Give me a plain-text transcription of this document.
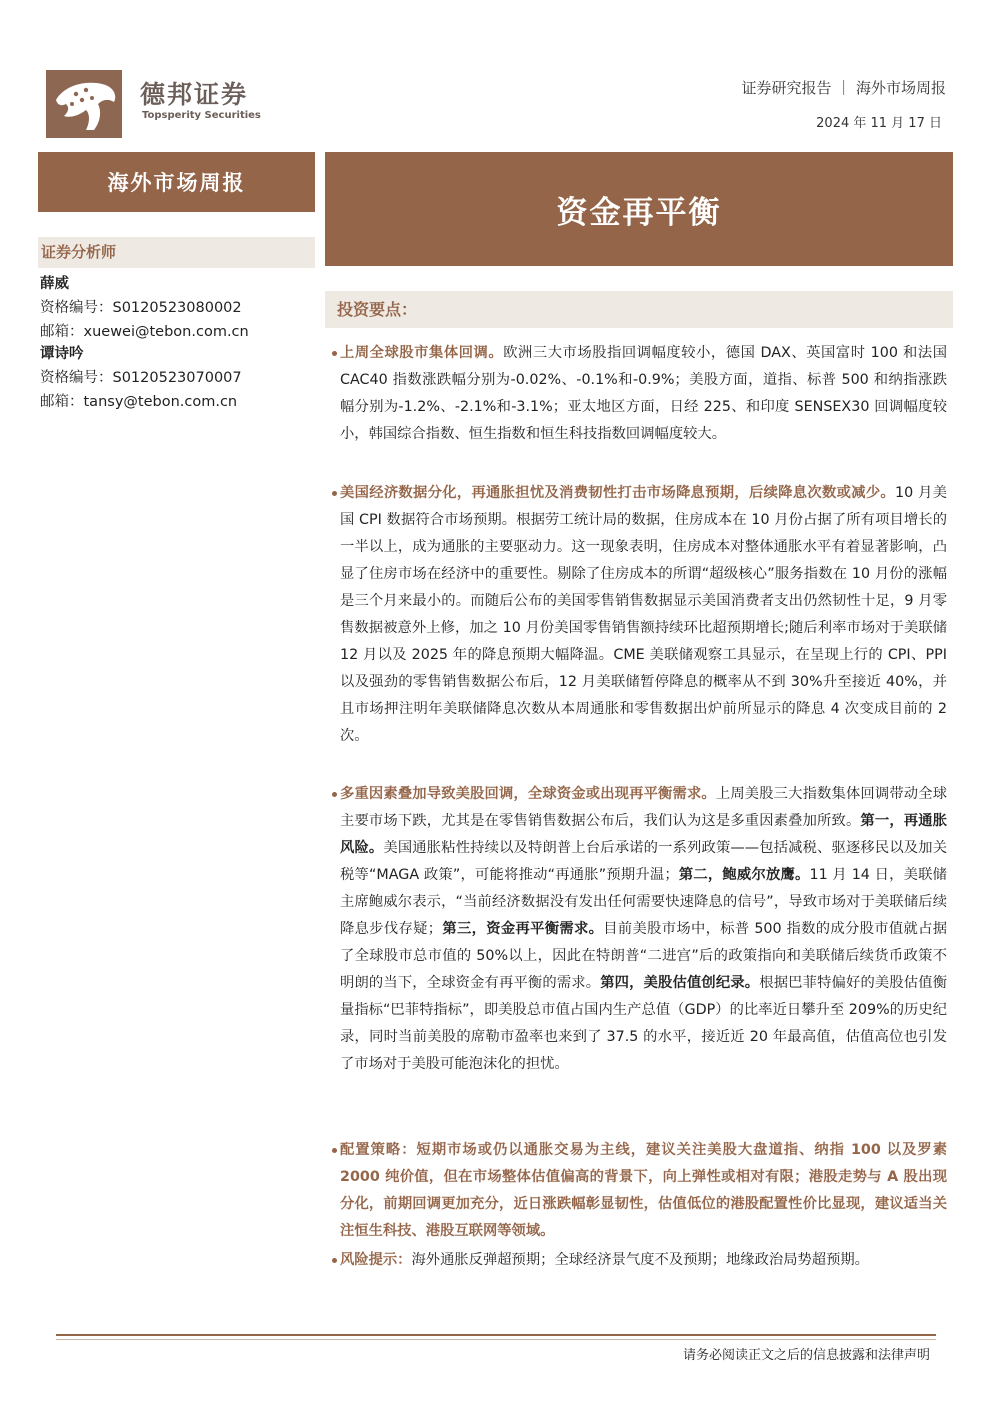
德邦证券
Topsperity Securities
证券研究报告 ｜ 海外市场周报
2024 年 11 月 17 日
海外市场周报
资金再平衡
证券分析师
薛威
资格编号：S0120523080002
邮箱：xuewei@tebon.com.cn
谭诗吟
资格编号：S0120523070007
邮箱：tansy@tebon.com.cn
投资要点：
上周全球股市集体回调。欧洲三大市场股指回调幅度较小，德国 DAX、英国富时 100 和法国 CAC40 指数涨跌幅分别为-0.02%、-0.1%和-0.9%；美股方面，道指、标普 500 和纳指涨跌幅分别为-1.2%、-2.1%和-3.1%；亚太地区方面，日经 225、和印度 SENSEX30 回调幅度较小，韩国综合指数、恒生指数和恒生科技指数回调幅度较大。
美国经济数据分化，再通胀担忧及消费韧性打击市场降息预期，后续降息次数或减少。10 月美国 CPI 数据符合市场预期。根据劳工统计局的数据，住房成本在 10 月份占据了所有项目增长的一半以上，成为通胀的主要驱动力。这一现象表明，住房成本对整体通胀水平有着显著影响，凸显了住房市场在经济中的重要性。剔除了住房成本的所谓“超级核心”服务指数在 10 月份的涨幅是三个月来最小的。而随后公布的美国零售销售数据显示美国消费者支出仍然韧性十足，9 月零售数据被意外上修，加之 10 月份美国零售销售额持续环比超预期增长;随后利率市场对于美联储 12 月以及 2025 年的降息预期大幅降温。CME 美联储观察工具显示，在呈现上行的 CPI、PPI 以及强劲的零售销售数据公布后，12 月美联储暂停降息的概率从不到 30%升至接近 40%，并且市场押注明年美联储降息次数从本周通胀和零售数据出炉前所显示的降息 4 次变成目前的 2 次。
多重因素叠加导致美股回调，全球资金或出现再平衡需求。上周美股三大指数集体回调带动全球主要市场下跌，尤其是在零售销售数据公布后，我们认为这是多重因素叠加所致。第一，再通胀风险。美国通胀粘性持续以及特朗普上台后承诺的一系列政策——包括减税、驱逐移民以及加关税等“MAGA 政策”，可能将推动“再通胀”预期升温；第二，鲍威尔放鹰。11 月 14 日，美联储主席鲍威尔表示，“当前经济数据没有发出任何需要快速降息的信号”，导致市场对于美联储后续降息步伐存疑；第三，资金再平衡需求。目前美股市场中，标普 500 指数的成分股市值就占据了全球股市总市值的 50%以上，因此在特朗普“二进宫”后的政策指向和美联储后续货币政策不明朗的当下，全球资金有再平衡的需求。第四，美股估值创纪录。根据巴菲特偏好的美股估值衡量指标“巴菲特指标”，即美股总市值占国内生产总值（GDP）的比率近日攀升至 209%的历史纪录，同时当前美股的席勒市盈率也来到了 37.5 的水平，接近近 20 年最高值，估值高位也引发了市场对于美股可能泡沫化的担忧。
配置策略：短期市场或仍以通胀交易为主线，建议关注美股大盘道指、纳指 100 以及罗素 2000 纯价值，但在市场整体估值偏高的背景下，向上弹性或相对有限；港股走势与 A 股出现分化，前期回调更加充分，近日涨跌幅彰显韧性，估值低位的港股配置性价比显现，建议适当关注恒生科技、港股互联网等领域。
风险提示：海外通胀反弹超预期；全球经济景气度不及预期；地缘政治局势超预期。
请务必阅读正文之后的信息披露和法律声明
